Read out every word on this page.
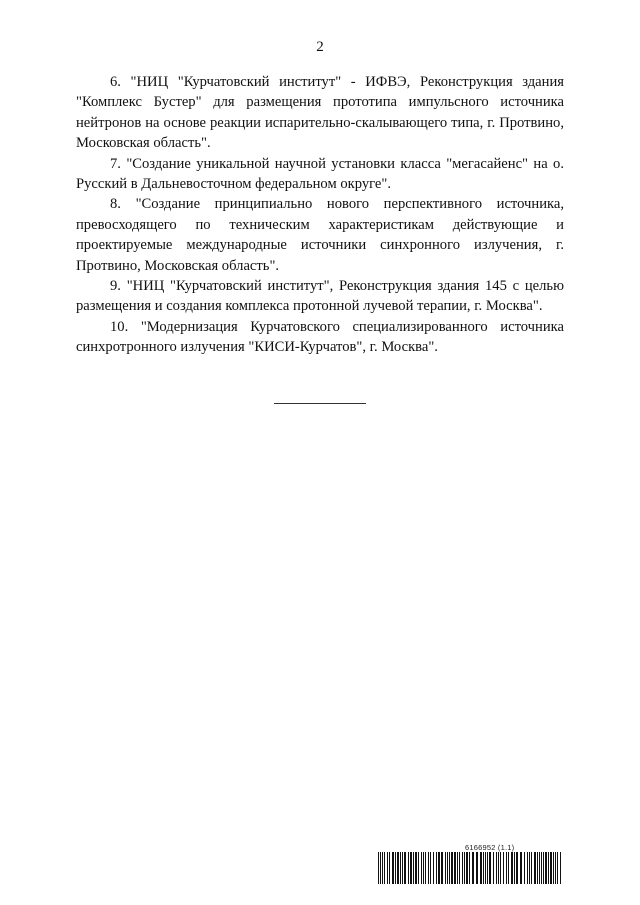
2

6. "НИЦ "Курчатовский институт" - ИФВЭ, Реконструкция здания "Комплекс Бустер" для размещения прототипа импульсного источника нейтронов на основе реакции испарительно-скалывающего типа, г. Протвино, Московская область".

7. "Создание уникальной научной установки класса "мегасайенс" на о. Русский в Дальневосточном федеральном округе".

8. "Создание принципиально нового перспективного источника, превосходящего по техническим характеристикам действующие и проектируемые международные источники синхронного излучения, г. Протвино, Московская область".

9. "НИЦ "Курчатовский институт", Реконструкция здания 145 с целью размещения и создания комплекса протонной лучевой терапии, г. Москва".

10. "Модернизация Курчатовского специализированного источника синхротронного излучения "КИСИ-Курчатов", г. Москва".

6166952 (1.1)
